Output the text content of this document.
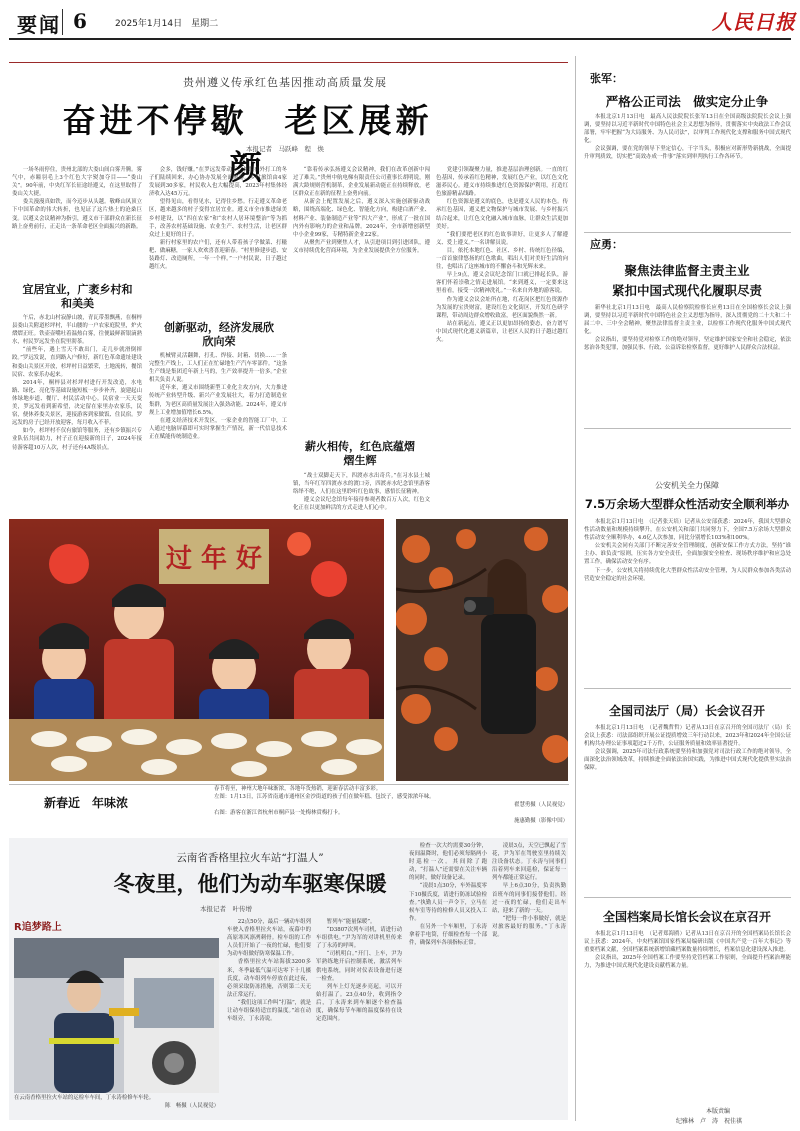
要闻 6	2025年1月14日　星期二	人民日报
贵州遵义传承红色基因推动高质量发展
奋进不停歇　老区展新颜
本报记者　马跃峰　程　焕

一场冬雨停住，贵州北部的大娄山间白雾升腾。雾气中，赤瞳羽毛上3个红色大字熨加夺目——“娄山关”。90年前，中央红军长征途经遵义，在这里取得了娄山关大捷。

娄关漫漫真如铁，而今迈步从头越。敬峰山风顶立下中国革命的伟大转折，也见证了这片热土的沧桑巨变。以遵义会议精神为指引，遵义市干部群众在新长征路上奋勇前行，正走出一条革命老区全面振兴的新路。

宜居宜业，广袤乡村和和美美

午后，赤北山村寂静山坡，青瓦带墨飘燕，在桐梓县娄山关附道杉坪村，半山腰的一户农家庭院里，炉火熠熠正旺。铁壶壶嘴吐着温热白雾，往便最鲜新银滴熟水，村民罗远发坐在院里沏茶。

“前些年，遇上雪天不敢出门，走几步就滑倒摔跤。”罗远发说，直到路入户修好，新红色革命遗址建设和娄山关景区开放，杉坪村日益繁荣，土地流转，餐馆民宿、农家乐办起来。

2014年，桐梓县对杉坪村进行开发改造，水电路、绿化、亮化等基础设施短板一步步补齐，旋建起山体绿地步道、餐厅、村民活动中心。民宿业一天天变美，罗远发看到新希望，决定留在家里办农家乐，民宿，便休养娄关景区，迎接游客到家做饭、住民宿。罗远发的房子已经开放迎客，每月收入不菲。

如今，杉坪村不仅有旅馆等服务，还有乡镇振兴专业队伍共同助力，村子正在迎接新的日子，2024年接待游客超10万人次，村子还有4A级景点。

会多，钱好赚。”在罗远发带动下，长期在外打工的冬子们陆续回来，办心协办发展全面旅游。乡村旅馆由4家发展到30多家，村民收入也大幅提高，2023年村集体经济收入达45万元。

望得见山，看得见水，记得住乡愁。行走遵义革命老区，越来越多的村子变得宜居宜业。遵义市全市推进绿美乡村建设，以“四在农家”和“农村人居环境整治”等为抓手，改善农村基础设施、农业生产、农村生活，让老区群众过上更好的日子。

新行村家里的农户们，还有人带着孩子学做菜、打糍粑、做麻糖，一家人欢欢喜喜迎新春。“村里修建步道、安装路灯、改造厕所，一年一个样。”一户村民说，日子越过越红火。

创新驱动，经济发展欣欣向荣

机械臂灵活翻舞，打孔、焊接、封箱、切换……一条完整生产线上，工人们正在忙碌地生产汽车零部件。“这条生产线是集团近年新上马的，生产效率提升一倍多。”企业相关负责人说。

近年来，遵义市围绕新型工业化主攻方向，大力推进传统产业转型升级、新兴产业发展壮大，着力打造制造业集群，为老区高质量发展注入强劲动能。2024年，遵义市规上工业增加值增长6.5%。

在遵义经济技术开发区，一家企业的智能工厂中，工人通过电脑屏幕即可实时掌握生产情况，新一代信息技术正在赋能传统制造业。

“靠着传承弘扬遵义会议精神，我们在改革创新中闯过了难关。”贵州中航电梯有限责任公司董事长胡明说，刚满大龄规则营机制革，企业发展新动能正在持续释放，老区群众正在新的征程上奋勇向前。

从新会上配置发展之后，遵义深入实施创新驱动战略，围绕高端化、绿色化、智能化方向，构建白酒产业、材料产业、装备制造产业等“四大产业”，形成了一批在国内外有影响力的企业和品牌。2024年，全市新增创新型中小企业99家，专精特新企业22家。

从聚焦产业到聚焦人才，从引进项目到引进团队，遵义市持续优化营商环境，为企业发展提供全方位服务。

薪火相传，红色底蕴熠熠生辉

“战士双脚走天下，四渡赤水出奇兵。”在习水县土城镇，当年红军四渡赤水的渡口旁，四渡赤水纪念馆里游客络绎不绝，人们在这里聆听红色故事，感悟长征精神。

遵义会议纪念馆每年接待参观者数百万人次，红色文化正在以更加鲜活的方式走进人们心中。

党建引领凝聚力量，推进基层治理创新。一直的红色基因，传承着红色精神，发展红色产业，以红色文化滋养民心。遵义市持续推进红色资源保护利用，打造红色旅游精品线路。

红色资源是遵义的底色，也是遵义人民的本色。传承红色基因，遵义把文物保护与城市发展、与乡村振兴结合起来，让红色文化融入城市血脉，让群众生活更加美好。

“我们要把老区的红色故事讲好，让更多人了解遵义、爱上遵义。”一名讲解员说。

目，依托本地红色、社区、乡村、传统红色径编，一首首旅律悠扬的红色歌曲，唱出人们对美好生活的向往，也唱出了这座城市的不懈奋斗和光辉未来。

早上9点，遵义会议纪念馆门口就已排起长队，游客们怀着崇敬之情走进展馆。“来到遵义，一定要来这里看看，接受一次精神洗礼。”一名来自外地的游客说。

作为遵义会议会址所在地，红花岗区把红色资源作为发展的宝贵财富，建设红色文化街区，开发红色研学课程，带动周边群众增收致富，老区面貌焕然一新。

站在新起点，遵义正以更加昂扬的姿态，奋力谱写中国式现代化遵义新篇章，让老区人民的日子越过越红火。

过 年 好
新春近　年味浓
春节将至，神州大地年味渐浓，各地年货热销，迎新春活动丰富多彩。
左图：1月13日，江苏省南通市通州区金沙街道的孩子们在做年糕、包饺子，感受浓浓年味。
翟慧勇摄（人民视觉）
右图：游客在浙江省杭州市桐庐县一处梅林赏梅打卡。
施惠勤摄（影像中国）
云南省香格里拉火车站“打温人”
冬夜里，他们为动车驱寒保暖
本报记者　叶传增
R追梦路上
在云南香格里拉火车站的运检车车间，丁永涛检修车车轮。
陈　畅摄（人民视觉）

22点50分，最后一辆动车组列车驶入香格里拉火车站，夜幕中的高原寒风凛冽刺骨。检车组的工作人员们开始了一夜的忙碌，他们要为动车组做好防寒保温工作。

香格里拉火车站海拔3200多米，冬季最低气温可达零下十几摄氏度，动车组列车停放在此过夜，必须采取防冻措施，否则第二天无法正常运行。

“我们这项工作叫“打温”，就是让动车组保持适宜的温度。”站在动车组旁，丁永涛说。

暂列车“能量保暖”。

“D3807次列车司机，请进行动车组供电。”尹为军的对讲机里传来了丁永涛的呼叫。

“司机明白。”开门、上车，尹为军熟练地开启控制系统，激活列车供电系统，同时对仪表设备进行逐一检查。

列车上灯光逐步亮起，可以开始打温了。23点40分，收到指令后，丁永涛来到车厢逐个检查温度，确保每节车厢的温度保持在设定范围内。

检查一次大约需要30分钟，夜间温降时，他们必须每隔两小时巡检一次。其间除了跑动，“打温人”还需要在关注车辆的同时，做好设备记录。

“凌晨1点30分，车外温度零下10摄氏度，请进行防冻试验检查。”执勤人员一声令下，立马在候车室等待的检修人员又投入工作。

在另外一个车厢里，丁永涛拿着手电筒，仔细检查每一个部件，确保列车各项指标正常。

凌晨3点，天空已飘起了雪花，尹为军在驾驶室里持续关注设备状态。丁永涛与同事们沿着列车来回巡检，保证每一列车都能正常运行。

早上6点30分，负责执勤首班车的同事们接替他们。经过一夜的忙碌，他们走出车站，迎来了新的一天。

“把每一件小事做好，就是对旅客最好的服务。”丁永涛说。

张军：
严格公正司法　做实定分止争

本报北京1月13日电　最高人民法院院长张军13日在全国高级法院院长会议上强调，要坚持以习近平新时代中国特色社会主义思想为指导，贯彻落实中央政法工作会议部署，牢牢把握“为大局服务、为人民司法”，以审判工作现代化支撑和服务中国式现代化。

会议强调，要在党的领导下坚定信心，干字当头，积极应对新形势新挑战，全面提升审判质效，切实把“高效办成一件事”落实到审判执行工作各环节。

应勇：
聚焦法律监督主责主业
紧扣中国式现代化履职尽责

新华社北京1月13日电　最高人民检察院检察长应勇13日在全国检察长会议上强调，要坚持以习近平新时代中国特色社会主义思想为指导，深入贯彻党的二十大和二十届二中、三中全会精神，聚焦法律监督主责主业，以检察工作现代化服务中国式现代化。

会议指出，要坚持党对检察工作的绝对领导，坚定维护国家安全和社会稳定，依法惩治各类犯罪，加强民事、行政、公益诉讼检察监督，更好维护人民群众合法权益。

公安机关全力保障
7.5万余场大型群众性活动安全顺利举办

本报北京1月13日电　（记者张天培）记者从公安部获悉：2024年，我国大型群众性活动数量和规模持续攀升，在公安机关和部门共同努力下，全国7.5万余场大型群众性活动安全顺利举办，4.6亿人次参加，同比分别增长103%和100%。

公安机关会同有关部门不断完善安全管理制度，创新安保工作方式方法，坚持“谁主办、谁负责”原则，压实各方安全责任，全面加强安全检查、现场秩序维护和应急处置工作，确保活动安全有序。

下一步，公安机关将持续优化大型群众性活动安全管理，为人民群众参加各类活动营造安全稳定的社会环境。

全国司法厅（局）长会议召开

本报北京1月13日电　（记者魏哲哲）记者从13日在京召开的全国司法厅（局）长会议上获悉：司法部组织开展公证提质增效三年行动以来，2023年和2024年全国公证机构共办理公证事项超过2千万件，公证服务质量和效率显著提升。

会议强调，2025年司法行政系统要坚持和加强党对司法行政工作的绝对领导，全面深化法治领域改革，持续推进全面依法治国实践，为推进中国式现代化提供坚实法治保障。

全国档案局长馆长会议在京召开

本报北京1月13日电　（记者郑海鸥）记者从13日在京召开的全国档案局长馆长会议上获悉：2024年，中央档案馆国家档案局编研出版《中国共产党一百年大事记》等重要档案文献，全国档案系统新增馆藏档案数量持续增长，档案信息化建设深入推进。

会议指出，2025年全国档案工作要坚持党管档案工作原则，全面提升档案治理能力，为推进中国式现代化建设贡献档案力量。

本版责编
纪雅林　卢　涛　祝佳祺
